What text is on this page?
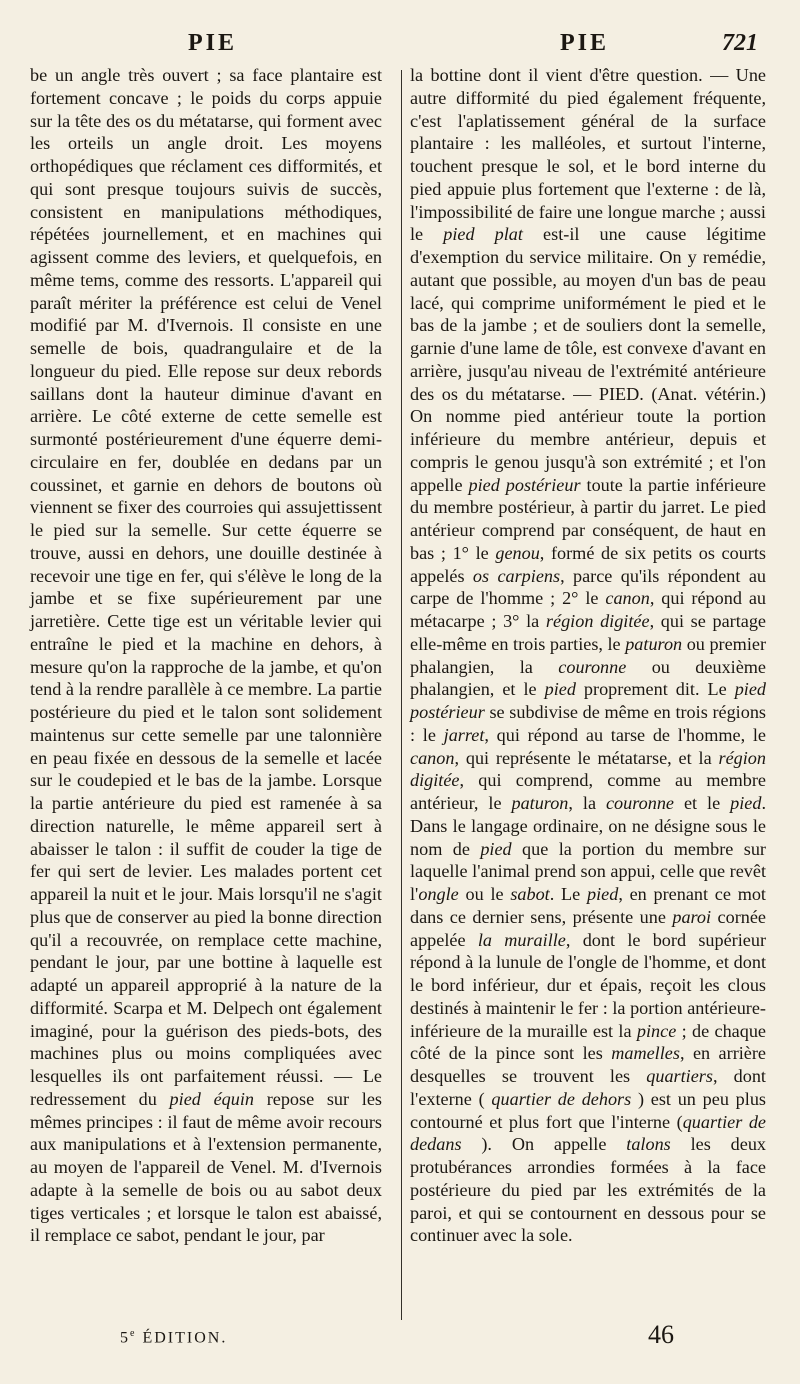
PIE	PIE	721

be un angle très ouvert ; sa face plantaire est fortement concave ; le poids du corps appuie sur la tête des os du métatarse, qui forment avec les orteils un angle droit. Les moyens orthopédiques que réclament ces difformités, et qui sont presque toujours suivis de succès, consistent en manipulations méthodiques, répétées journellement, et en machines qui agissent comme des leviers, et quelquefois, en même tems, comme des ressorts. L'appareil qui paraît mériter la préférence est celui de Venel modifié par M. d'Ivernois. Il consiste en une semelle de bois, quadrangulaire et de la longueur du pied. Elle repose sur deux rebords saillans dont la hauteur diminue d'avant en arrière. Le côté externe de cette semelle est surmonté postérieurement d'une équerre demi-circulaire en fer, doublée en dedans par un coussinet, et garnie en dehors de boutons où viennent se fixer des courroies qui assujettissent le pied sur la semelle. Sur cette équerre se trouve, aussi en dehors, une douille destinée à recevoir une tige en fer, qui s'élève le long de la jambe et se fixe supérieurement par une jarretière. Cette tige est un véritable levier qui entraîne le pied et la machine en dehors, à mesure qu'on la rapproche de la jambe, et qu'on tend à la rendre parallèle à ce membre. La partie postérieure du pied et le talon sont solidement maintenus sur cette semelle par une talonnière en peau fixée en dessous de la semelle et lacée sur le coudepied et le bas de la jambe. Lorsque la partie antérieure du pied est ramenée à sa direction naturelle, le même appareil sert à abaisser le talon : il suffit de couder la tige de fer qui sert de levier. Les malades portent cet appareil la nuit et le jour. Mais lorsqu'il ne s'agit plus que de conserver au pied la bonne direction qu'il a recouvrée, on remplace cette machine, pendant le jour, par une bottine à laquelle est adapté un appareil approprié à la nature de la difformité. Scarpa et M. Delpech ont également imaginé, pour la guérison des pieds-bots, des machines plus ou moins compliquées avec lesquelles ils ont parfaitement réussi. — Le redressement du pied équin repose sur les mêmes principes : il faut de même avoir recours aux manipulations et à l'extension permanente, au moyen de l'appareil de Venel. M. d'Ivernois adapte à la semelle de bois ou au sabot deux tiges verticales ; et lorsque le talon est abaissé, il remplace ce sabot, pendant le jour, par

la bottine dont il vient d'être question. — Une autre difformité du pied également fréquente, c'est l'aplatissement général de la surface plantaire : les malléoles, et surtout l'interne, touchent presque le sol, et le bord interne du pied appuie plus fortement que l'externe : de là, l'impossibilité de faire une longue marche ; aussi le pied plat est-il une cause légitime d'exemption du service militaire. On y remédie, autant que possible, au moyen d'un bas de peau lacé, qui comprime uniformément le pied et le bas de la jambe ; et de souliers dont la semelle, garnie d'une lame de tôle, est convexe d'avant en arrière, jusqu'au niveau de l'extrémité antérieure des os du métatarse. — PIED. (Anat. vétérin.) On nomme pied antérieur toute la portion inférieure du membre antérieur, depuis et compris le genou jusqu'à son extrémité ; et l'on appelle pied postérieur toute la partie inférieure du membre postérieur, à partir du jarret. Le pied antérieur comprend par conséquent, de haut en bas ; 1° le genou, formé de six petits os courts appelés os carpiens, parce qu'ils répondent au carpe de l'homme ; 2° le canon, qui répond au métacarpe ; 3° la région digitée, qui se partage elle-même en trois parties, le paturon ou premier phalangien, la couronne ou deuxième phalangien, et le pied proprement dit. Le pied postérieur se subdivise de même en trois régions : le jarret, qui répond au tarse de l'homme, le canon, qui représente le métatarse, et la région digitée, qui comprend, comme au membre antérieur, le paturon, la couronne et le pied. Dans le langage ordinaire, on ne désigne sous le nom de pied que la portion du membre sur laquelle l'animal prend son appui, celle que revêt l'ongle ou le sabot. Le pied, en prenant ce mot dans ce dernier sens, présente une paroi cornée appelée la muraille, dont le bord supérieur répond à la lunule de l'ongle de l'homme, et dont le bord inférieur, dur et épais, reçoit les clous destinés à maintenir le fer : la portion antérieure-inférieure de la muraille est la pince ; de chaque côté de la pince sont les mamelles, en arrière desquelles se trouvent les quartiers, dont l'externe ( quartier de dehors ) est un peu plus contourné et plus fort que l'interne (quartier de dedans ). On appelle talons les deux protubérances arrondies formées à la face postérieure du pied par les extrémités de la paroi, et qui se contournent en dessous pour se continuer avec la sole.

5e ÉDITION.	46
